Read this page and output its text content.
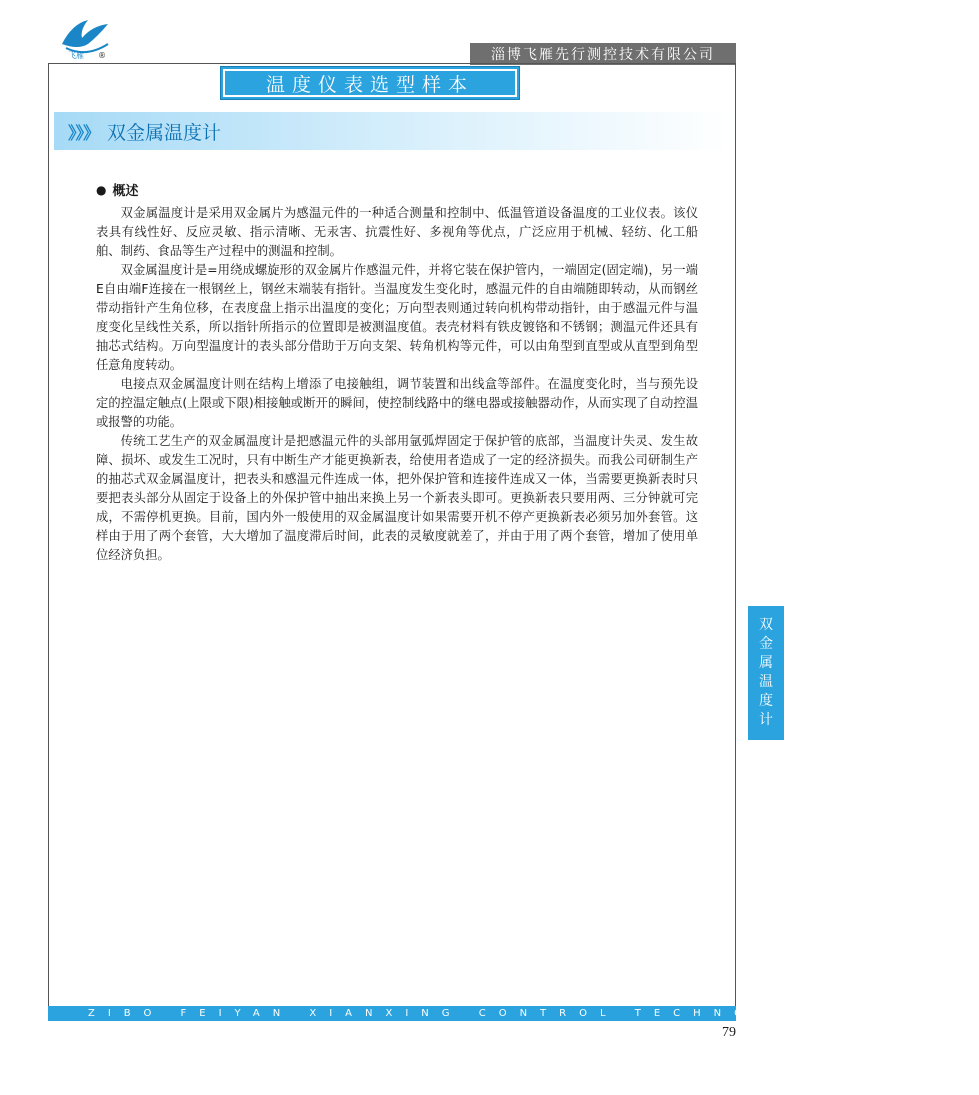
飞雁 ®	淄博飞雁先行测控技术有限公司
温度仪表选型样本
》》》 双金属温度计
● 概述

双金属温度计是采用双金属片为感温元件的一种适合测量和控制中、低温管道设备温度的工业仪表。该仪表具有线性好、反应灵敏、指示清晰、无汞害、抗震性好、多视角等优点，广泛应用于机械、轻纺、化工船舶、制药、食品等生产过程中的测温和控制。

双金属温度计是=用绕成螺旋形的双金属片作感温元件，并将它装在保护管内，一端固定(固定端)，另一端E自由端F连接在一根钢丝上，钢丝末端装有指针。当温度发生变化时，感温元件的自由端随即转动，从而钢丝带动指针产生角位移，在表度盘上指示出温度的变化；万向型表则通过转向机构带动指针，由于感温元件与温度变化呈线性关系，所以指针所指示的位置即是被测温度值。表壳材料有铁皮镀铬和不锈钢；测温元件还具有抽芯式结构。万向型温度计的表头部分借助于万向支架、转角机构等元件，可以由角型到直型或从直型到角型任意角度转动。

电接点双金属温度计则在结构上增添了电接触组，调节装置和出线盒等部件。在温度变化时，当与预先设定的控温定触点(上限或下限)相接触或断开的瞬间，使控制线路中的继电器或接触器动作，从而实现了自动控温或报警的功能。

传统工艺生产的双金属温度计是把感温元件的头部用氩弧焊固定于保护管的底部，当温度计失灵、发生故障、损坏、或发生工况时，只有中断生产才能更换新表，给使用者造成了一定的经济损失。而我公司研制生产的抽芯式双金属温度计，把表头和感温元件连成一体，把外保护管和连接件连成又一体，当需要更换新表时只要把表头部分从固定于设备上的外保护管中抽出来换上另一个新表头即可。更换新表只要用两、三分钟就可完成，不需停机更换。目前，国内外一般使用的双金属温度计如果需要开机不停产更换新表必须另加外套管。这样由于用了两个套管，大大增加了温度滞后时间，此表的灵敏度就差了，并由于用了两个套管，增加了使用单位经济负担。

双
金
属
温
度
计
ZIBO FEIYAN XIANXING CONTROL TECHNOLOGY CO.,LTD
79
